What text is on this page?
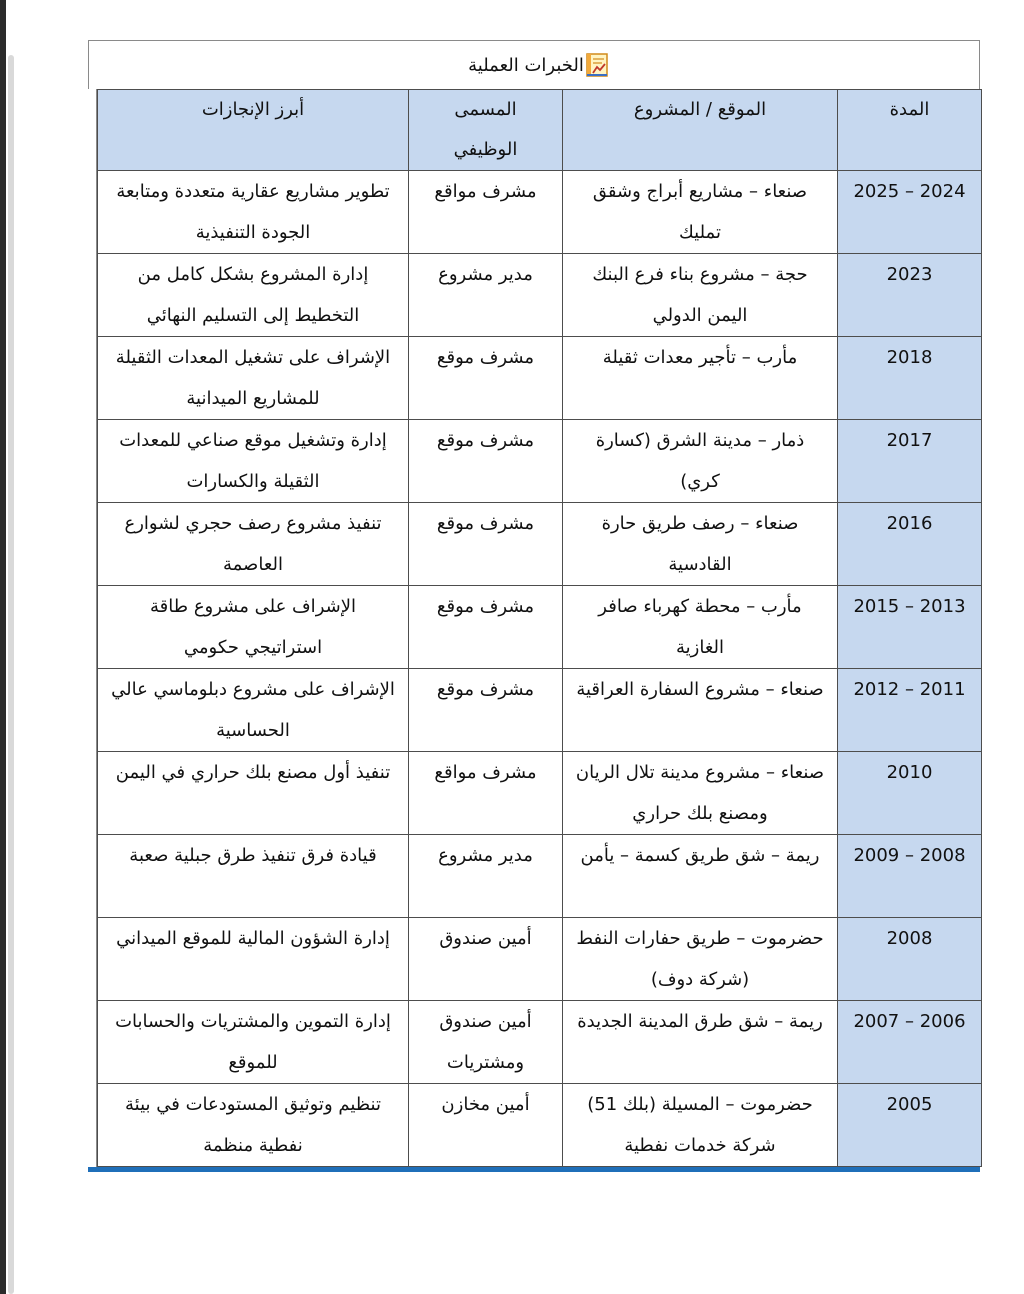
الخبرات العملية
المدة	الموقع / المشروع	المسمى الوظيفي	أبرز الإنجازات
2024 – 2025	صنعاء – مشاريع أبراج وشقق تمليك	مشرف مواقع	تطوير مشاريع عقارية متعددة ومتابعة الجودة التنفيذية
2023	حجة – مشروع بناء فرع البنك اليمن الدولي	مدير مشروع	إدارة المشروع بشكل كامل من التخطيط إلى التسليم النهائي
2018	مأرب – تأجير معدات ثقيلة	مشرف موقع	الإشراف على تشغيل المعدات الثقيلة للمشاريع الميدانية
2017	ذمار – مدينة الشرق (كسارة كري)	مشرف موقع	إدارة وتشغيل موقع صناعي للمعدات الثقيلة والكسارات
2016	صنعاء – رصف طريق حارة القادسية	مشرف موقع	تنفيذ مشروع رصف حجري لشوارع العاصمة
2013 – 2015	مأرب – محطة كهرباء صافر الغازية	مشرف موقع	الإشراف على مشروع طاقة استراتيجي حكومي
2011 – 2012	صنعاء – مشروع السفارة العراقية	مشرف موقع	الإشراف على مشروع دبلوماسي عالي الحساسية
2010	صنعاء – مشروع مدينة تلال الريان ومصنع بلك حراري	مشرف مواقع	تنفيذ أول مصنع بلك حراري في اليمن
2008 – 2009	ريمة – شق طريق كسمة – يأمن	مدير مشروع	قيادة فرق تنفيذ طرق جبلية صعبة
2008	حضرموت – طريق حفارات النفط (شركة دوف)	أمين صندوق	إدارة الشؤون المالية للموقع الميداني
2006 – 2007	ريمة – شق طرق المدينة الجديدة	أمين صندوق ومشتريات	إدارة التموين والمشتريات والحسابات للموقع
2005	حضرموت – المسيلة (بلك 51) شركة خدمات نفطية	أمين مخازن	تنظيم وتوثيق المستودعات في بيئة نفطية منظمة
